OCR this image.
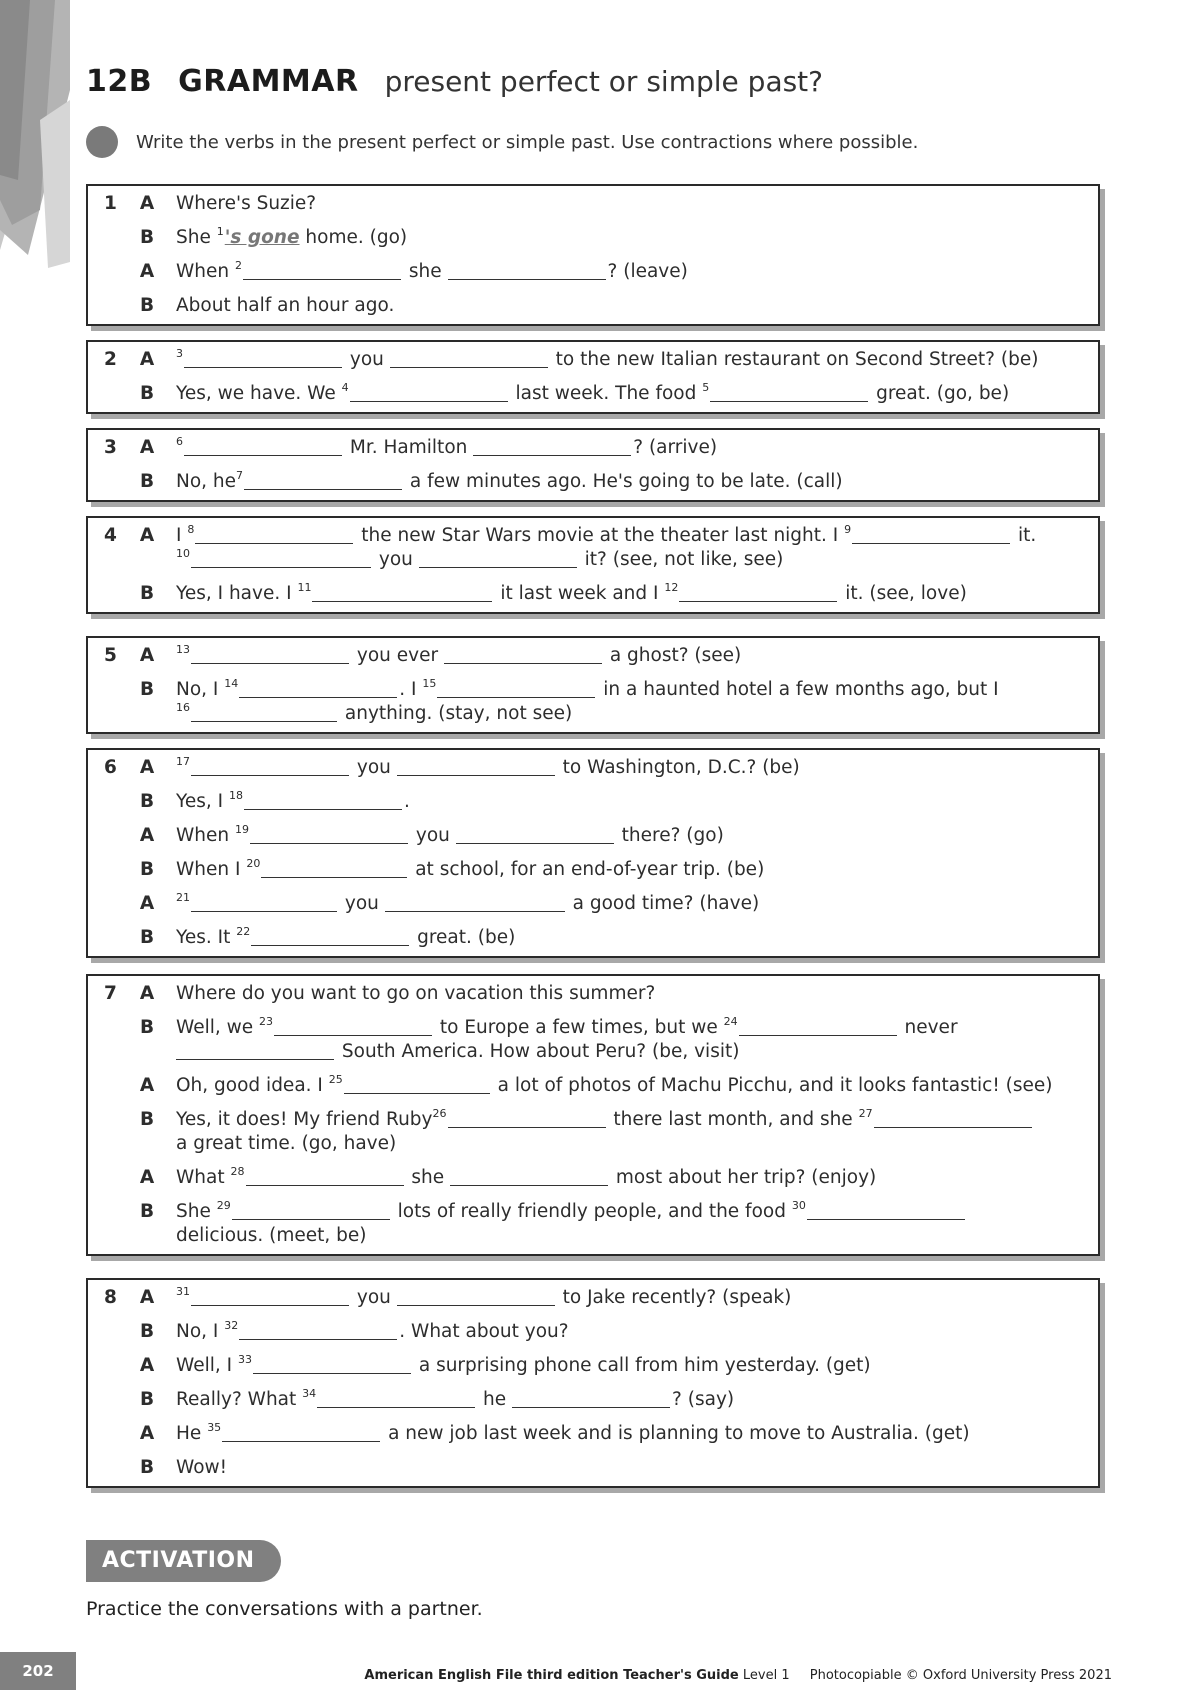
12B GRAMMAR present perfect or simple past?
Write the verbs in the present perfect or simple past. Use contractions where possible.
1	A	Where's Suzie?
B	She $^1$'s gone home. (go)
A	When $^2$	she	? (leave)
B	About half an hour ago.
2	A	$^3$	you	to the new Italian restaurant on Second Street? (be)
B	Yes, we have. We $^4$	last week. The food $^5$	great. (go, be)
3	A	$^6$	Mr. Hamilton	? (arrive)
B	No, $he^7$	a few minutes ago. He's going to be late. (call)
4	A	I $^8$	the new Star Wars movie at the theater last night. I $^9$	it.
$^{10}$	you	it? (see, not like, see)
B	Yes, I have. I $^{11}$	it last week and I $^{12}$	it. (see, love)
5	A	$^{13}$	you ever	a ghost? (see)
B	No, I $^{14}$	. I $^{15}$	in a haunted hotel a few months ago, but I
$^{16}$	anything. (stay, not see)
6	A	$^{17}$	you	to Washington, D.C.? (be)
B	Yes, I $^{18}$	.
A	When $^{19}$	you	there? (go)
B	When I $^{20}$	at school, for an end-of-year trip. (be)
A	$^{21}$	you	a good time? (have)
B	Yes. It $^{22}$	great. (be)
7	A	Where do you want to go on vacation this summer?
B	Well, we $^{23}$	to Europe a few times, but we $^{24}$	never
South America. How about Peru? (be, visit)
A	Oh, good idea. I $^{25}$	a lot of photos of Machu Picchu, and it looks fantastic! (see)
B	Yes, it does! My friend Ruby$^{26}$	there last month, and she $^{27}$
a great time. (go, have)
A	What $^{28}$	she	most about her trip? (enjoy)
B	She $^{29}$	lots of really friendly people, and the food $^{30}$
delicious. (meet, be)
8	A	$^{31}$	you	to Jake recently? (speak)
B	No, I $^{32}$	. What about you?
A	Well, I $^{33}$	a surprising phone call from him yesterday. (get)
B	Really? What $^{34}$	he	? (say)
A	He $^{35}$	a new job last week and is planning to move to Australia. (get)
B	Wow!
ACTIVATION
Practice the conversations with a partner.
202	American English File third edition Teacher's Guide Level 1 Photocopiable © Oxford University Press 2021
